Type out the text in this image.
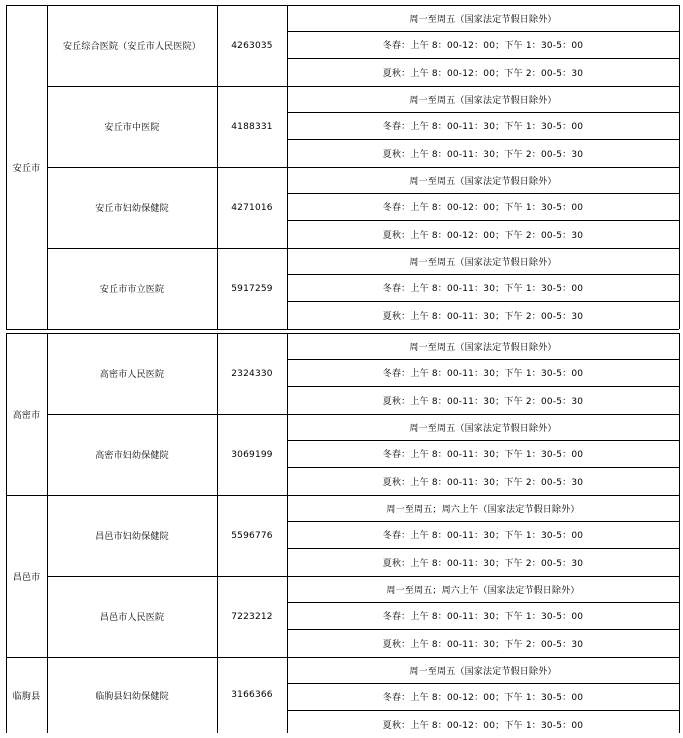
安丘市
安丘综合医院（安丘市人民医院）	4263035
周一至周五（国家法定节假日除外）
冬春：上午 8：00-12：00；下午 1：30-5：00
夏秋：上午 8：00-12：00；下午 2：00-5：30
安丘市中医院	4188331
周一至周五（国家法定节假日除外）
冬春：上午 8：00-11：30；下午 1：30-5：00
夏秋：上午 8：00-11：30；下午 2：00-5：30
安丘市妇幼保健院	4271016
周一至周五（国家法定节假日除外）
冬春：上午 8：00-12：00；下午 1：30-5：00
夏秋：上午 8：00-12：00；下午 2：00-5：30
安丘市市立医院	5917259
周一至周五（国家法定节假日除外）
冬春：上午 8：00-11：30；下午 1：30-5：00
夏秋：上午 8：00-11：30；下午 2：00-5：30
高密市
高密市人民医院	2324330
周一至周五（国家法定节假日除外）
冬春：上午 8：00-11：30；下午 1：30-5：00
夏秋：上午 8：00-11：30；下午 2：00-5：30
高密市妇幼保健院	3069199
周一至周五（国家法定节假日除外）
冬春：上午 8：00-11：30；下午 1：30-5：00
夏秋：上午 8：00-11：30；下午 2：00-5：30
昌邑市
昌邑市妇幼保健院	5596776
周一至周五；周六上午（国家法定节假日除外）
冬春：上午 8：00-11：30；下午 1：30-5：00
夏秋：上午 8：00-11：30；下午 2：00-5：30
昌邑市人民医院	7223212
周一至周五；周六上午（国家法定节假日除外）
冬春：上午 8：00-11：30；下午 1：30-5：00
夏秋：上午 8：00-11：30；下午 2：00-5：30
临朐县	临朐县妇幼保健院	3166366
周一至周五（国家法定节假日除外）
冬春：上午 8：00-12：00；下午 1：30-5：00
夏秋：上午 8：00-12：00；下午 1：30-5：00
